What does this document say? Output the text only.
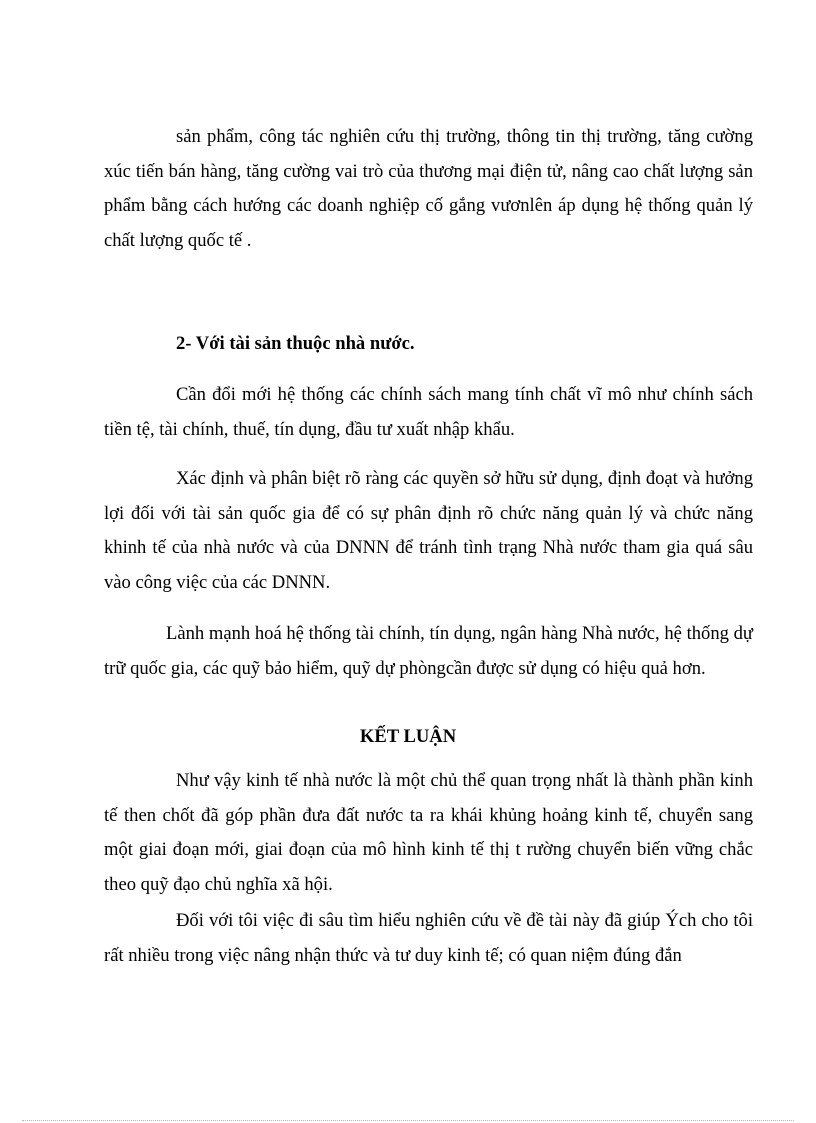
sản phẩm, công tác nghiên cứu thị trường, thông tin thị trường, tăng cường xúc tiến bán hàng, tăng cường vai trò của thương mại điện tử, nâng cao chất lượng sản phẩm bằng cách hướng các doanh nghiệp cố gắng vươnlên áp dụng hệ thống quản lý chất lượng quốc tế .

2- Với tài sản thuộc nhà nước.

Cần đổi mới hệ thống các chính sách mang tính chất vĩ mô như chính sách tiền tệ, tài chính, thuế, tín dụng, đầu tư xuất nhập khẩu.

Xác định và phân biệt rõ ràng các quyền sở hữu sử dụng, định đoạt và hưởng lợi đối với tài sản quốc gia để có sự phân định rõ chức năng quản lý và chức năng khinh tế của nhà nước và của DNNN để tránh tình trạng Nhà nước tham gia quá sâu vào công việc của các DNNN.

Lành mạnh hoá hệ thống tài chính, tín dụng, ngân hàng Nhà nước, hệ thống dự trữ quốc gia, các quỹ bảo hiểm, quỹ dự phòngcần được sử dụng có hiệu quả hơn.

KẾT LUẬN

Như vậy kinh tế nhà nước là một chủ thể quan trọng nhất là thành phần kinh tế then chốt đã góp phần đưa đất nước ta ra khái khủng hoảng kinh tế, chuyển sang một giai đoạn mới, giai đoạn của mô hình kinh tế thị t rường chuyển biến vững chắc theo quỹ đạo chủ nghĩa xã hội.

Đối với tôi việc đi sâu tìm hiểu nghiên cứu về đề tài này đã giúp Ých cho tôi rất nhiều trong việc nâng nhận thức và tư duy kinh tế; có quan niệm đúng đắn
